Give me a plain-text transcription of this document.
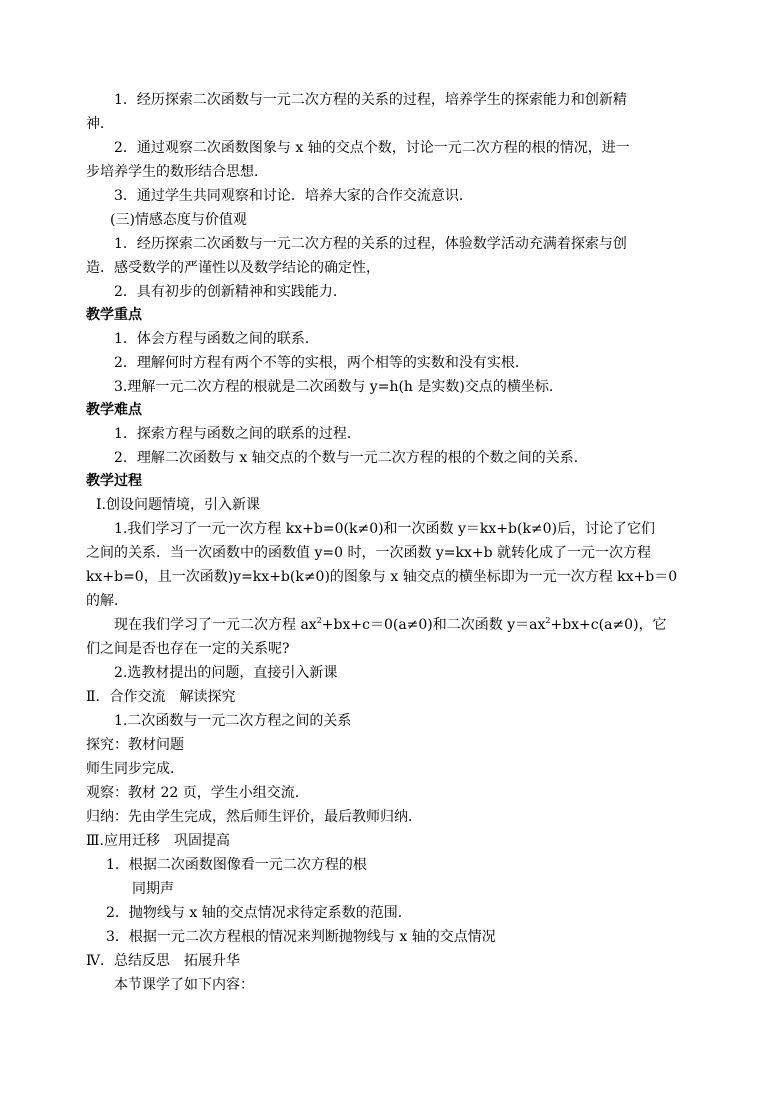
1．经历探索二次函数与一元二次方程的关系的过程，培养学生的探索能力和创新精
神．
2．通过观察二次函数图象与 x 轴的交点个数，讨论一元二次方程的根的情况，进一
步培养学生的数形结合思想．
3．通过学生共同观察和讨论．培养大家的合作交流意识．
(三)情感态度与价值观
1．经历探索二次函数与一元二次方程的关系的过程，体验数学活动充满着探索与创
造．感受数学的严谨性以及数学结论的确定性，
2．具有初步的创新精神和实践能力．
教学重点
1．体会方程与函数之间的联系．
2．理解何时方程有两个不等的实根，两个相等的实数和没有实根．
3.理解一元二次方程的根就是二次函数与 y=h(h 是实数)交点的横坐标．
教学难点
1．探索方程与函数之间的联系的过程．
2．理解二次函数与 x 轴交点的个数与一元二次方程的根的个数之间的关系．
教学过程
Ⅰ.创设问题情境，引入新课
1.我们学习了一元一次方程 kx+b=0(k≠0)和一次函数 y＝kx+b(k≠0)后，讨论了它们
之间的关系．当一次函数中的函数值 y=0 时，一次函数 y=kx+b 就转化成了一元一次方程
kx+b=0，且一次函数)y=kx+b(k≠0)的图象与 x 轴交点的横坐标即为一元一次方程 kx+b＝0
的解．
现在我们学习了一元二次方程 $ax^2+bx+c=0(a\ne 0)$和二次函数 $y=ax^2+bx+c(a\ne 0)$，它
们之间是否也存在一定的关系呢?
2.选教材提出的问题，直接引入新课
Ⅱ．合作交流　解读探究
1.二次函数与一元二次方程之间的关系
探究：教材问题
师生同步完成．
观察：教材 22 页，学生小组交流．
归纳：先由学生完成，然后师生评价，最后教师归纳．
Ⅲ.应用迁移　巩固提高
1．根据二次函数图像看一元二次方程的根
同期声
2．抛物线与 x 轴的交点情况求待定系数的范围．
3．根据一元二次方程根的情况来判断抛物线与 x 轴的交点情况
Ⅳ．总结反思　拓展升华
本节课学了如下内容：
